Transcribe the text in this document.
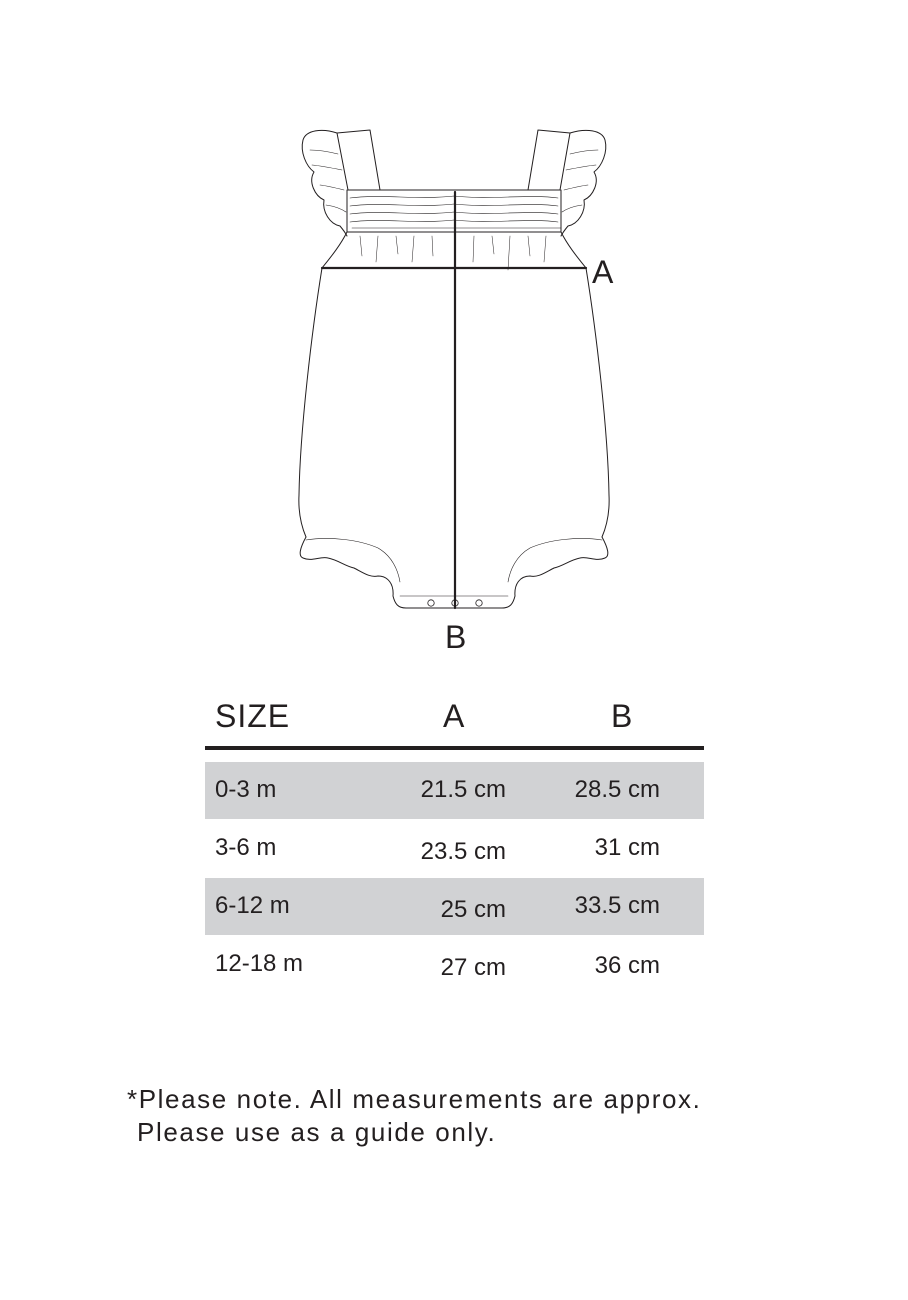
A
B
SIZE	A	B
0-3 m	21.5 cm	28.5 cm
3-6 m	23.5 cm	31 cm
6-12 m	25 cm	33.5 cm
12-18 m	27 cm	36 cm
*Please note. All measurements are approx.
Please use as a guide only.
